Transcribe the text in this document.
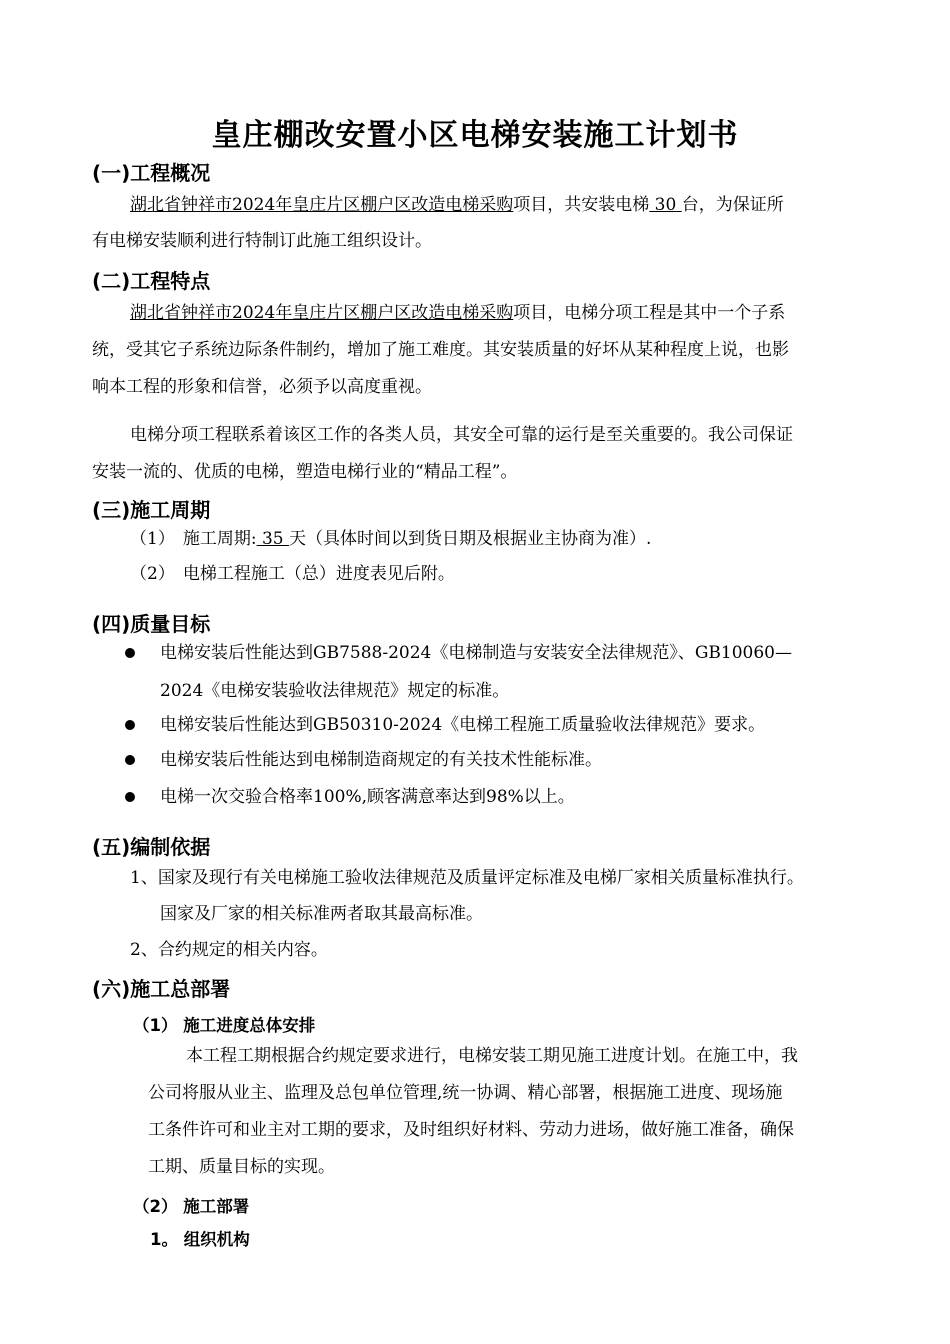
皇庄棚改安置小区电梯安装施工计划书
(一)工程概况
湖北省钟祥市2024年皇庄片区棚户区改造电梯采购项目，共安装电梯 30 台，为保证所
有电梯安装顺利进行特制订此施工组织设计。
(二)工程特点
湖北省钟祥市2024年皇庄片区棚户区改造电梯采购项目，电梯分项工程是其中一个子系
统，受其它子系统边际条件制约，增加了施工难度。其安装质量的好坏从某种程度上说，也影
响本工程的形象和信誉，必须予以高度重视。
电梯分项工程联系着该区工作的各类人员，其安全可靠的运行是至关重要的。我公司保证
安装一流的、优质的电梯，塑造电梯行业的“精品工程”。
(三)施工周期
（1） 施工周期: 35 天（具体时间以到货日期及根据业主协商为准）.
（2） 电梯工程施工（总）进度表见后附。
(四)质量目标
电梯安装后性能达到GB7588-2024《电梯制造与安装安全法律规范》、GB10060—
2024《电梯安装验收法律规范》规定的标准。
电梯安装后性能达到GB50310-2024《电梯工程施工质量验收法律规范》要求。
电梯安装后性能达到电梯制造商规定的有关技术性能标准。
电梯一次交验合格率100%,顾客满意率达到98%以上。
(五)编制依据
1、国家及现行有关电梯施工验收法律规范及质量评定标准及电梯厂家相关质量标准执行。
国家及厂家的相关标准两者取其最高标准。
2、合约规定的相关内容。
(六)施工总部署
（1） 施工进度总体安排
本工程工期根据合约规定要求进行，电梯安装工期见施工进度计划。在施工中，我
公司将服从业主、监理及总包单位管理,统一协调、精心部署，根据施工进度、现场施
工条件许可和业主对工期的要求，及时组织好材料、劳动力进场，做好施工准备，确保
工期、质量目标的实现。
（2） 施工部署
1。 组织机构
